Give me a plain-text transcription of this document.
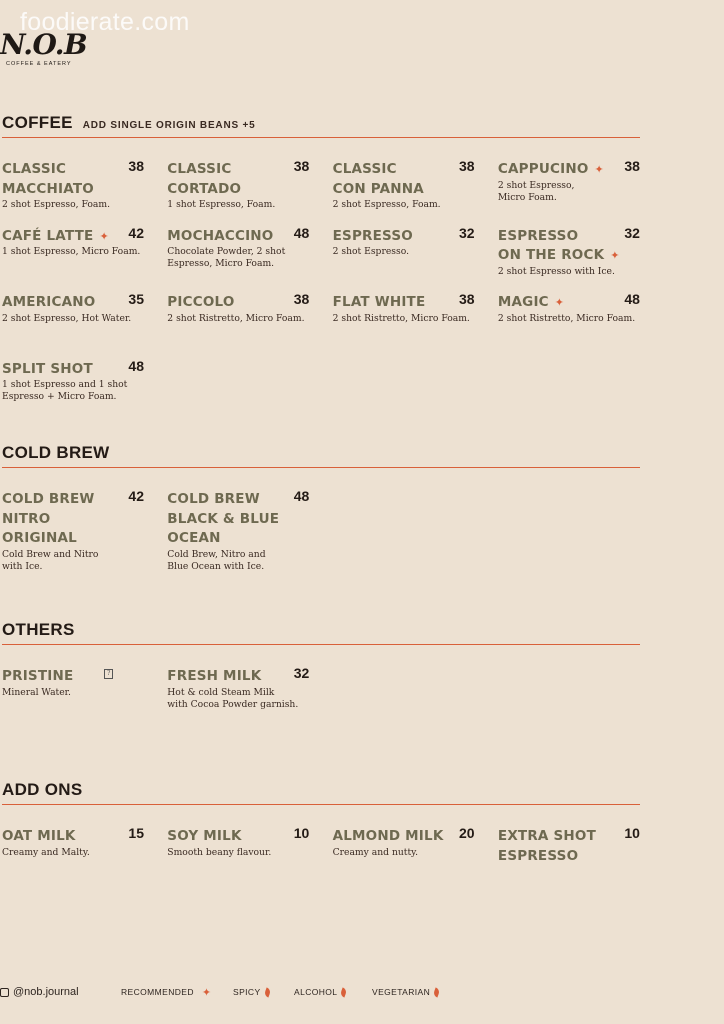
foodierate.com
N.O.B
COFFEE & EATERY
COFFEE ADD SINGLE ORIGIN BEANS +5
CLASSIC
MACCHIATO
38
2 shot Espresso, Foam.
CLASSIC
CORTADO
38
1 shot Espresso, Foam.
CLASSIC
CON PANNA
38
2 shot Espresso, Foam.
CAPPUCINO ✦ 38
2 shot Espresso,
Micro Foam.
CAFÉ LATTE ✦ 42
1 shot Espresso, Micro Foam.
MOCHACCINO 48
Chocolate Powder, 2 shot
Espresso, Micro Foam.
ESPRESSO	32
2 shot Espresso.
ESPRESSO
ON THE ROCK ✦
32
2 shot Espresso with Ice.
AMERICANO 35
2 shot Espresso, Hot Water.
PICCOLO	38
2 shot Ristretto, Micro Foam.
FLAT WHITE 38
2 shot Ristretto, Micro Foam.
MAGIC ✦	48
2 shot Ristretto, Micro Foam.
SPLIT SHOT	48
1 shot Espresso and 1 shot
Espresso + Micro Foam.
COLD BREW
COLD BREW
NITRO ORIGINAL
42
Cold Brew and Nitro
with Ice.
COLD BREW
BLACK & BLUE
OCEAN
48
Cold Brew, Nitro and
Blue Ocean with Ice.
OTHERS
PRISTINE	?
Mineral Water.
FRESH MILK 32
Hot & cold Steam Milk
with Cocoa Powder garnish.
ADD ONS
OAT MILK	15
Creamy and Malty.
SOY MILK	10
Smooth beany flavour.
ALMOND MILK 20
Creamy and nutty.
EXTRA SHOT
ESPRESSO
10
@nob.journal	RECOMMENDED ✦	SPICY	ALCOHOL	VEGETARIAN
